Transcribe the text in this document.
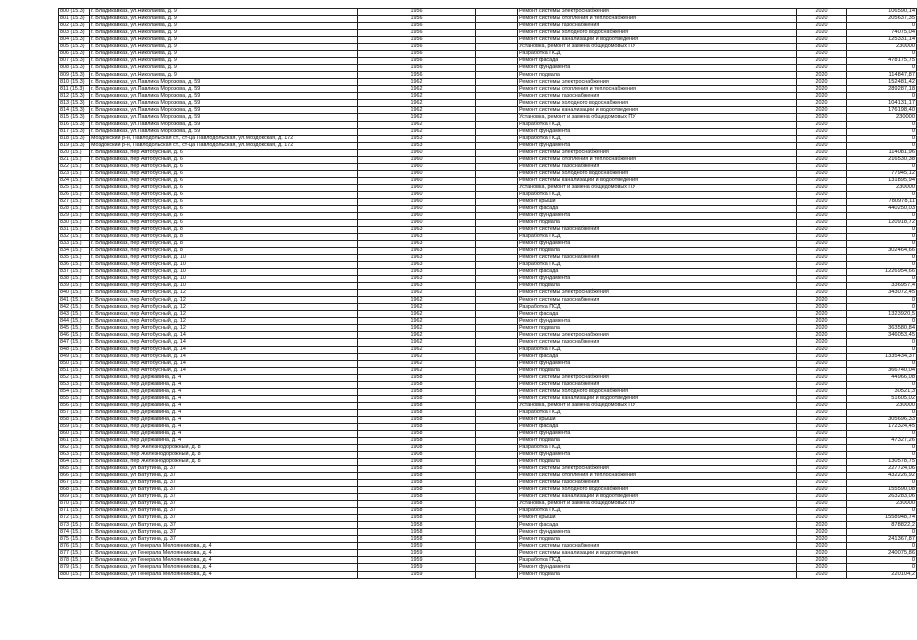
800 (15.3)	г. Владикавказ, ул.Николаева, д. 9	1956		Ремонт системы электроснабжения	2020	106590,14
801 (15.3)	г. Владикавказ, ул.Николаева, д. 9	1956		Ремонт системы отопления и теплоснабжения	2020	205637,35
802 (15.3)	г. Владикавказ, ул.Николаева, д. 9	1956		Ремонт системы газоснабжения	2020	0
803 (15.3)	г. Владикавказ, ул.Николаева, д. 9	1956		Ремонт системы холодного водоснабжения	2020	74075,04
804 (15.3)	г. Владикавказ, ул.Николаева, д. 9	1956		Ремонт системы канализации и водоотведения	2020	125331,14
805 (15.3)	г. Владикавказ, ул.Николаева, д. 9	1956		Установка, ремонт и замена общедомовых ПУ	2020	230000
806 (15.3)	г. Владикавказ, ул.Николаева, д. 9	1956		Разработка ПСД	2020	0
807 (15.3)	г. Владикавказ, ул.Николаева, д. 9	1956		Ремонт фасада	2020	478175,75
808 (15.3)	г. Владикавказ, ул.Николаева, д. 9	1956		Ремонт фундамента	2020	0
809 (15.3)	г. Владикавказ, ул.Николаева, д. 9	1956		Ремонт подвала	2020	114847,87
810 (15.3)	г. Владикавказ, ул.Павлика Морозова, д. 59	1962		Ремонт системы электроснабжения	2020	152481,42
811 (15.3)	г. Владикавказ, ул.Павлика Морозова, д. 59	1962		Ремонт системы отопления и теплоснабжения	2020	289287,18
812 (15.3)	г. Владикавказ, ул.Павлика Морозова, д. 59	1962		Ремонт системы газоснабжения	2020	0
813 (15.3)	г. Владикавказ, ул.Павлика Морозова, д. 59	1962		Ремонт системы холодного водоснабжения	2020	104131,17
814 (15.3)	г. Владикавказ, ул.Павлика Морозова, д. 59	1962		Ремонт системы канализации и водоотведения	2020	176198,40
815 (15.3)	г. Владикавказ, ул.Павлика Морозова, д. 59	1962		Установка, ремонт и замена общедомовых ПУ	2020	230000
816 (15.3)	г. Владикавказ, ул.Павлика Морозова, д. 59	1962		Разработка ПСД	2020	0
817 (15.3)	г. Владикавказ, ул.Павлика Морозова, д. 59	1962		Ремонт фундамента	2020	0
818 (15.3)	Моздокский р-н, Павлодольская ст., ст-ца Павлодольская, ул.Моздокская, д. 172	1953		Разработка ПСД	2020	0
819 (15.3)	Моздокский р-н, Павлодольская ст., ст-ца Павлодольская, ул.Моздокская, д. 172	1953		Ремонт фундамента	2020	0
820 (15.)	г. Владикавказ, пер Автобусный, д. 6	1960		Ремонт системы электроснабжения	2020	114081,96
821 (15.)	г. Владикавказ, пер Автобусный, д. 6	1960		Ремонт системы отопления и теплоснабжения	2020	216530,38
822 (15.)	г. Владикавказ, пер Автобусный, д. 6	1960		Ремонт системы газоснабжения	2020	0
823 (15.)	г. Владикавказ, пер Автобусный, д. 6	1960		Ремонт системы холодного водоснабжения	2020	77945,12
824 (15.)	г. Владикавказ, пер Автобусный, д. 6	1960		Ремонт системы канализации и водоотведения	2020	131895,94
825 (15.)	г. Владикавказ, пер Автобусный, д. 6	1960		Установка, ремонт и замена общедомовых ПУ	2020	230000
826 (15.)	г. Владикавказ, пер Автобусный, д. 6	1960		Разработка ПСД	2020	0
827 (15.)	г. Владикавказ, пер Автобусный, д. 6	1960		Ремонт крыши	2020	780978,11
828 (15.)	г. Владикавказ, пер Автобусный, д. 6	1960		Ремонт фасада	2020	440250,03
829 (15.)	г. Владикавказ, пер Автобусный, д. 6	1960		Ремонт фундамента	2020	0
830 (15.)	г. Владикавказ, пер Автобусный, д. 6	1960		Ремонт подвала	2020	120918,72
831 (15.)	г. Владикавказ, пер Автобусный, д. 8	1963		Ремонт системы газоснабжения	2020	0
832 (15.)	г. Владикавказ, пер Автобусный, д. 8	1963		Разработка ПСД	2020	0
833 (15.)	г. Владикавказ, пер Автобусный, д. 8	1963		Ремонт фундамента	2020	0
834 (15.)	г. Владикавказ, пер Автобусный, д. 8	1963		Ремонт подвала	2020	302464,66
835 (15.)	г. Владикавказ, пер Автобусный, д. 10	1963		Ремонт системы газоснабжения	2020	0
836 (15.)	г. Владикавказ, пер Автобусный, д. 10	1963		Разработка ПСД	2020	0
837 (15.)	г. Владикавказ, пер Автобусный, д. 10	1963		Ремонт фасада	2020	1226954,66
838 (15.)	г. Владикавказ, пер Автобусный, д. 10	1963		Ремонт фундамента	2020	0
839 (15.)	г. Владикавказ, пер Автобусный, д. 10	1963		Ремонт подвала	2020	336957,4
840 (15.)	г. Владикавказ, пер Автобусный, д. 12	1962		Ремонт системы электроснабжения	2020	343072,45
841 (15.)	г. Владикавказ, пер Автобусный, д. 12	1962		Ремонт системы газоснабжения	2020	0
842 (15.)	г. Владикавказ, пер Автобусный, д. 12	1962		Разработка ПСД	2020	0
843 (15.)	г. Владикавказ, пер Автобусный, д. 12	1962		Ремонт фасада	2020	1323920,5
844 (15.)	г. Владикавказ, пер Автобусный, д. 12	1962		Ремонт фундамента	2020	0
845 (15.)	г. Владикавказ, пер Автобусный, д. 12	1962		Ремонт подвала	2020	363580,84
846 (15.)	г. Владикавказ, пер Автобусный, д. 14	1962		Ремонт системы электроснабжения	2020	346053,45
847 (15.)	г. Владикавказ, пер Автобусный, д. 14	1962		Ремонт системы газоснабжения	2020	0
848 (15.)	г. Владикавказ, пер Автобусный, д. 14	1962		Разработка ПСД	2020	0
849 (15.)	г. Владикавказ, пер Автобусный, д. 14	1962		Ремонт фасада	2020	1335434,37
850 (15.)	г. Владикавказ, пер Автобусный, д. 14	1962		Ремонт фундамента	2020	0
851 (15.)	г. Владикавказ, пер Автобусный, д. 14	1962		Ремонт подвала	2020	366740,04
852 (15.)	г. Владикавказ, пер Державина, д. 4	1958		Ремонт системы электроснабжения	2020	44966,08
853 (15.)	г. Владикавказ, пер Державина, д. 4	1958		Ремонт системы газоснабжения	2020	0
854 (15.)	г. Владикавказ, пер Державина, д. 4	1958		Ремонт системы холодного водоснабжения	2020	30521,3
855 (15.)	г. Владикавказ, пер Державина, д. 4	1958		Ремонт системы канализации и водоотведения	2020	51605,02
856 (15.)	г. Владикавказ, пер Державина, д. 4	1958		Установка, ремонт и замена общедомовых ПУ	2020	230000
857 (15.)	г. Владикавказ, пер Державина, д. 4	1958		Разработка ПСД	2020	0
858 (15.)	г. Владикавказ, пер Державина, д. 4	1958		Ремонт крыши	2020	305696,33
859 (15.)	г. Владикавказ, пер Державина, д. 4	1958		Ремонт фасада	2020	172324,45
860 (15.)	г. Владикавказ, пер Державина, д. 4	1958		Ремонт фундамента	2020	0
861 (15.)	г. Владикавказ, пер Державина, д. 4	1958		Ремонт подвала	2020	47327,26
862 (15.)	г. Владикавказ, пер Железнодорожный, д. 8	1908		Разработка ПСД	2020	0
863 (15.)	г. Владикавказ, пер Железнодорожный, д. 8	1908		Ремонт фундамента	2020	0
864 (15.)	г. Владикавказ, пер Железнодорожный, д. 8	1908		Ремонт подвала	2020	130578,75
865 (15.)	г. Владикавказ, ул Ватутина, д. 37	1958		Ремонт системы электроснабжения	2020	227724,06
866 (15.)	г. Владикавказ, ул Ватутина, д. 37	1958		Ремонт системы отопления и теплоснабжения	2020	432226,92
867 (15.)	г. Владикавказ, ул Ватутина, д. 37	1958		Ремонт системы газоснабжения	2020	0
868 (15.)	г. Владикавказ, ул Ватутина, д. 37	1958		Ремонт системы холодного водоснабжения	2020	155590,08
869 (15.)	г. Владикавказ, ул Ватутина, д. 37	1958		Ремонт системы канализации и водоотведения	2020	263283,06
870 (15.)	г. Владикавказ, ул Ватутина, д. 37	1958		Установка, ремонт и замена общедомовых ПУ	2020	230000
871 (15.)	г. Владикавказ, ул Ватутина, д. 37	1958		Разработка ПСД	2020	0
872 (15.)	г. Владикавказ, ул Ватутина, д. 37	1958		Ремонт крыши	2020	1558948,74
873 (15.)	г. Владикавказ, ул Ватутина, д. 37	1958		Ремонт фасада	2020	878822,2
874 (15.)	г. Владикавказ, ул Ватутина, д. 37	1958		Ремонт фундамента	2020	0
875 (15.)	г. Владикавказ, ул Ватутина, д. 37	1958		Ремонт подвала	2020	241367,87
876 (15.)	г. Владикавказ, ул Генерала Мелоянникова, д. 4	1959		Ремонт системы газоснабжения	2020	0
877 (15.)	г. Владикавказ, ул Генерала Мелоянникова, д. 4	1959		Ремонт системы канализации и водоотведения	2020	240075,86
878 (15.)	г. Владикавказ, ул Генерала Мелоянникова, д. 4	1959		Разработка ПСД	2020	0
879 (15.)	г. Владикавказ, ул Генерала Мелоянникова, д. 4	1959		Ремонт фундамента	2020	0
880 (15.)	г. Владикавказ, ул Генерала Мелоянникова, д. 4	1959		Ремонт подвала	2020	220104,2
